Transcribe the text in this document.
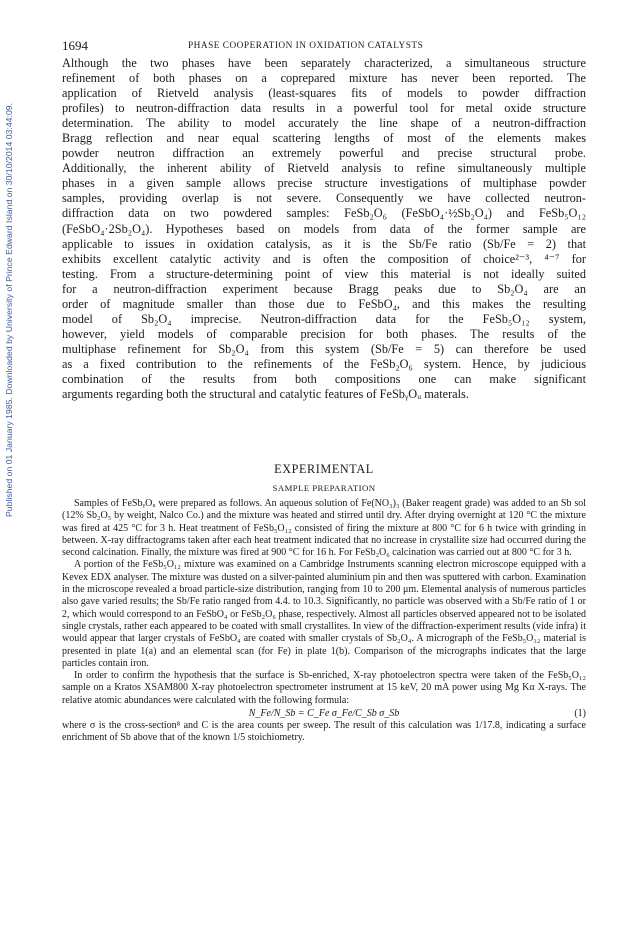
Published on 01 January 1985. Downloaded by University of Prince Edward Island on 30/10/2014 03:44:09.
1694	PHASE COOPERATION IN OXIDATION CATALYSTS

Although the two phases have been separately characterized, a simultaneous structure

refinement of both phases on a coprepared mixture has never been reported. The

application of Rietveld analysis (least-squares fits of models to powder diffraction

profiles) to neutron-diffraction data results in a powerful tool for metal oxide structure

determination. The ability to model accurately the line shape of a neutron-diffraction

Bragg reflection and near equal scattering lengths of most of the elements makes

powder neutron diffraction an extremely powerful and precise structural probe.

Additionally, the inherent ability of Rietveld analysis to refine simultaneously multiple

phases in a given sample allows precise structure investigations of multiphase powder

samples, providing overlap is not severe. Consequently we have collected neutron-

diffraction data on two powdered samples: FeSb₂O₆ (FeSbO₄·½Sb₂O₄) and FeSb₅O₁₂

(FeSbO₄·2Sb₂O₄). Hypotheses based on models from data of the former sample are

applicable to issues in oxidation catalysis, as it is the Sb/Fe ratio (Sb/Fe = 2) that

exhibits excellent catalytic activity and is often the composition of choice²⁻³, ⁴⁻⁷ for

testing. From a structure-determining point of view this material is not ideally suited

for a neutron-diffraction experiment because Bragg peaks due to Sb₂O₄ are an

order of magnitude smaller than those due to FeSbO₄, and this makes the resulting

model of Sb₂O₄ imprecise. Neutron-diffraction data for the FeSb₅O₁₂ system,

however, yield models of comparable precision for both phases. The results of the

multiphase refinement for Sb₂O₄ from this system (Sb/Fe = 5) can therefore be used

as a fixed contribution to the refinements of the FeSb₂O₆ system. Hence, by judicious

combination of the results from both compositions one can make significant

arguments regarding both the structural and catalytic features of FeSbᵧOᵤ materals.

EXPERIMENTAL
SAMPLE PREPARATION

Samples of FeSbᵧOᵤ were prepared as follows. An aqueous solution of Fe(NO₃)₃ (Baker reagent grade) was added to an Sb sol (12% Sb₂O₅ by weight, Nalco Co.) and the mixture was heated and stirred until dry. After drying overnight at 120 °C the mixture was fired at 425 °C for 3 h. Heat treatment of FeSb₅O₁₂ consisted of firing the mixture at 800 °C for 6 h twice with grinding in between. X-ray diffractograms taken after each heat treatment indicated that no increase in crystallite size had occurred during the second calcination. Finally, the mixture was fired at 900 °C for 16 h. For FeSb₂O₆ calcination was carried out at 800 °C for 3 h.

A portion of the FeSb₅O₁₂ mixture was examined on a Cambridge Instruments scanning electron microscope equipped with a Kevex EDX analyser. The mixture was dusted on a silver-painted aluminium pin and then was sputtered with carbon. Examination in the microscope revealed a broad particle-size distribution, ranging from 10 to 200 μm. Elemental analysis of numerous particles also gave varied results; the Sb/Fe ratio ranged from 4.4. to 10.3. Significantly, no particle was observed with a Sb/Fe ratio of 1 or 2, which would correspond to an FeSbO₄ or FeSb₂O₆ phase, respectively. Almost all particles observed appeared not to be isolated single crystals, rather each appeared to be coated with small crystallites. In view of the diffraction-experiment results (vide infra) it would appear that larger crystals of FeSbO₄ are coated with smaller crystals of Sb₂O₄. A micrograph of the FeSb₅O₁₂ material is presented in plate 1(a) and an elemental scan (for Fe) in plate 1(b). Comparison of the micrographs indicates that the large particles contain iron.

In order to confirm the hypothesis that the surface is Sb-enriched, X-ray photoelectron spectra were taken of the FeSb₅O₁₂ sample on a Kratos XSAM800 X-ray photoelectron spectrometer instrument at 15 keV, 20 mA power using Mg Kα X-rays. The relative atomic abundances were calculated with the following formula:

N_Fe/N_Sb = C_Fe σ_Fe/C_Sb σ_Sb	(1)

where σ is the cross-section⁸ and C is the area counts per sweep. The result of this calculation was 1/17.8, indicating a surface enrichment of Sb above that of the known 1/5 stoichiometry.
